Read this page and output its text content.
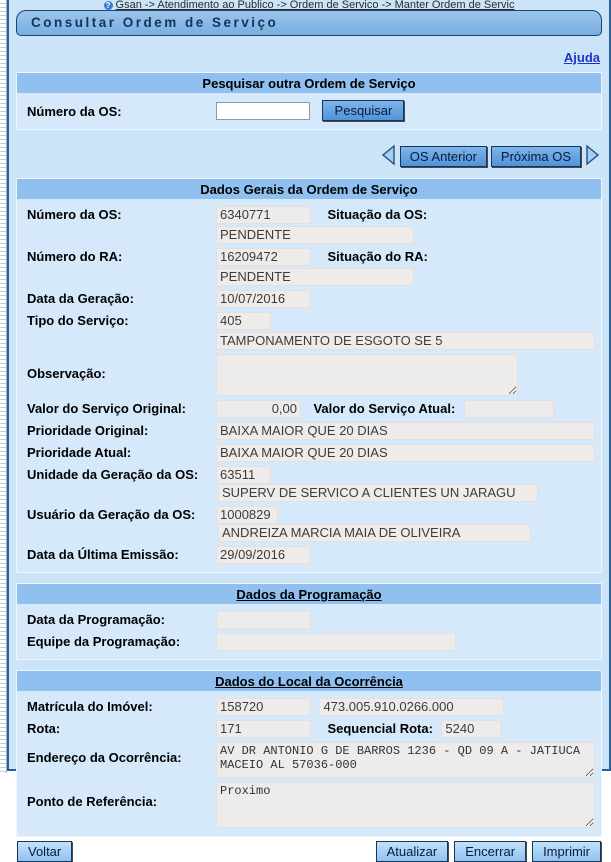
$^{? Gsan -> Atendimento ao Publico -> Ordem de Servico -> Manter Ordem de Servic}$
Consultar Ordem de Serviço
Ajuda
Pesquisar outra Ordem de Serviço
Número da OS:	Pesquisar
OS Anterior	Próxima OS
Dados Gerais da Ordem de Serviço
Número da OS:	6340771	Situação da OS:
PENDENTE
Número do RA:	16209472	Situação do RA:
PENDENTE
Data da Geração:	10/07/2016
Tipo do Serviço:	405
TAMPONAMENTO DE ESGOTO SE 5
Observação:
Valor do Serviço Original:	0,00 Valor do Serviço Atual:
Prioridade Original:	BAIXA MAIOR QUE 20 DIAS
Prioridade Atual:	BAIXA MAIOR QUE 20 DIAS
Unidade da Geração da OS:	63511 SUPERV DE SERVICO A CLIENTES UN JARAGU
Usuário da Geração da OS:	1000829 ANDREIZA MARCIA MAIA DE OLIVEIRA
Data da Última Emissão:	29/09/2016
Dados da Programação
Data da Programação:
Equipe da Programação:
Dados do Local da Ocorrência
Matrícula do Imóvel:	158720	473.005.910.0266.000
Rota:	171	Sequencial Rota: 5240
Endereço da Ocorrência:
AV DR ANTONIO G DE BARROS 1236 - QD 09 A - JATIUCA MACEIO AL 57036-000
Ponto de Referência:
Proximo
Voltar	Atualizar	Encerrar	Imprimir
